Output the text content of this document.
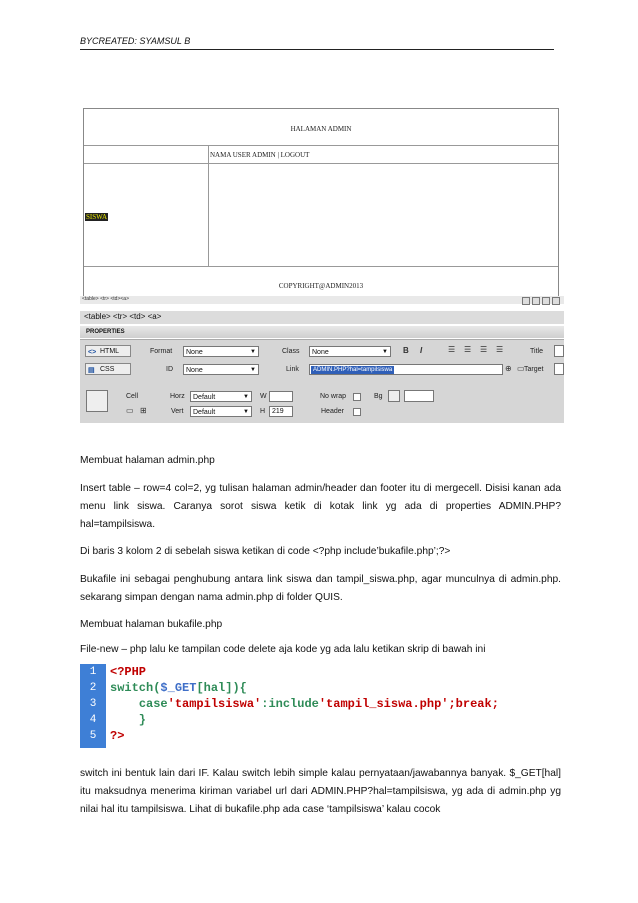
BYCREATED: SYAMSUL B
HALAMAN ADMIN
NAMA USER ADMIN | LOGOUT
SISWA
COPYRIGHT@ADMIN2013
<table> <tr> <td><a>
<table> <tr> <td> <a>
PROPERTIES
<> HTML	Format	None	▼	Class	None	▼ B I	☰ ☰ ☰ ☰	Title
▤ CSS	ID	None	▼	Link	ADMIN.PHP?hal=tampilsiswa	⊕ ▭ Target
Cell
▭ ⊞
Horz	Default	▼
Vert	Default	▼
W
H 219
No wrap
Header
Bg

Membuat halaman admin.php

Insert table – row=4 col=2, yg tulisan halaman admin/header dan footer itu di mergecell. Disisi kanan ada menu link siswa. Caranya sorot siswa ketik di kotak link yg ada di properties ADMIN.PHP?hal=tampilsiswa.

Di baris 3 kolom 2 di sebelah siswa ketikan di code <?php include’bukafile.php’;?>

Bukafile ini sebagai penghubung antara link siswa dan tampil_siswa.php, agar munculnya di admin.php. sekarang simpan dengan nama admin.php di folder QUIS.

Membuat halaman bukafile.php

File-new – php lalu ke tampilan code delete aja kode yg ada lalu ketikan skrip di bawah ini

1
2
3
4
5
<?PHP
switch($_GET[hal]){
case'tampilsiswa':include'tampil_siswa.php';break;
}
?>

switch ini bentuk lain dari IF. Kalau switch lebih simple kalau pernyataan/jawabannya banyak. $_GET[hal] itu maksudnya menerima kiriman variabel url dari ADMIN.PHP?hal=tampilsiswa, yg ada di admin.php yg nilai hal itu tampilsiswa. Lihat di bukafile.php ada case ‘tampilsiswa’ kalau cocok
